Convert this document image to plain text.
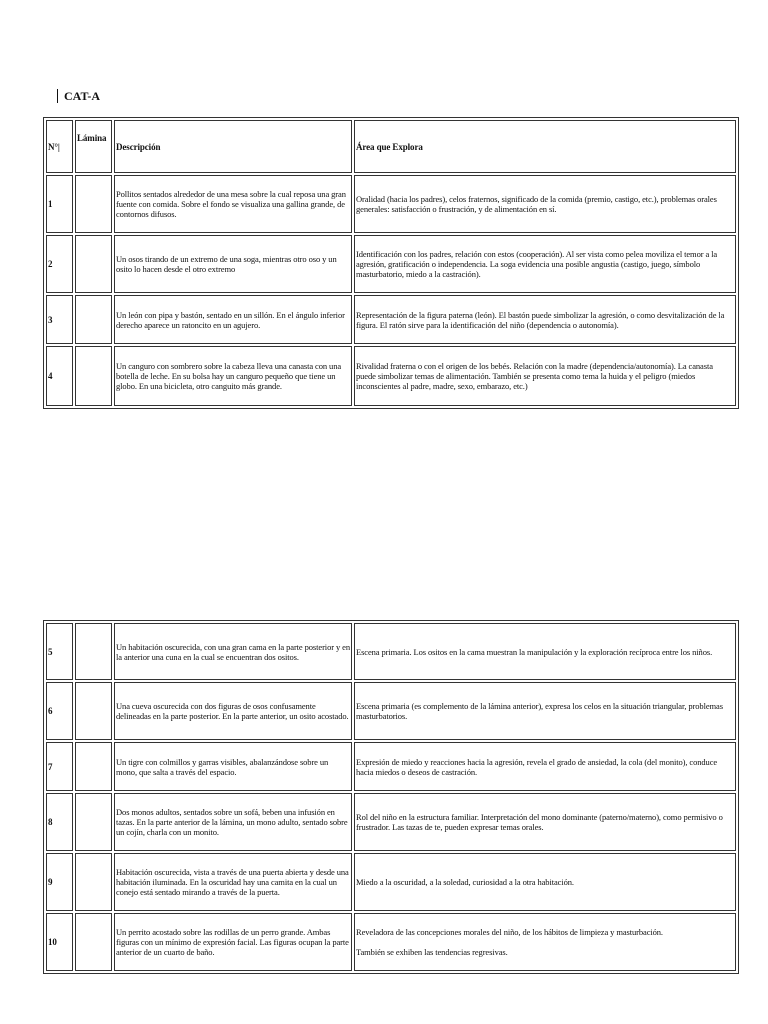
CAT-A
N°|	Lámina	Descripción	Área que Explora
1		Pollitos sentados alrededor de una mesa sobre la cual reposa una gran fuente con comida. Sobre el fondo se visualiza una gallina grande, de contornos difusos.	Oralidad (hacia los padres), celos fraternos, significado de la comida (premio, castigo, etc.), problemas orales generales: satisfacción o frustración, y de alimentación en sí.
2		Un osos tirando de un extremo de una soga, mientras otro oso y un osito lo hacen desde el otro extremo	Identificación con los padres, relación con estos (cooperación). Al ser vista como pelea moviliza el temor a la agresión, gratificación o independencia. La soga evidencia una posible angustia (castigo, juego, símbolo masturbatorio, miedo a la castración).
3		Un león con pipa y bastón, sentado en un sillón. En el ángulo inferior derecho aparece un ratoncito en un agujero.	Representación de la figura paterna (león). El bastón puede simbolizar la agresión, o como desvitalización de la figura. El ratón sirve para la identificación del niño (dependencia o autonomía).
4		Un canguro con sombrero sobre la cabeza lleva una canasta con una botella de leche. En su bolsa hay un canguro pequeño que tiene un globo. En una bicicleta, otro canguito más grande.	Rivalidad fraterna o con el origen de los bebés. Relación con la madre (dependencia/autonomía). La canasta puede simbolizar temas de alimentación. También se presenta como tema la huida y el peligro (miedos inconscientes al padre, madre, sexo, embarazo, etc.)
5		Un habitación oscurecida, con una gran cama en la parte posterior y en la anterior una cuna en la cual se encuentran dos ositos.	Escena primaria. Los ositos en la cama muestran la manipulación y la exploración recíproca entre los niños.
6		Una cueva oscurecida con dos figuras de osos confusamente delineadas en la parte posterior. En la parte anterior, un osito acostado.	Escena primaria (es complemento de la lámina anterior), expresa los celos en la situación triangular, problemas masturbatorios.
7		Un tigre con colmillos y garras visibles, abalanzándose sobre un mono, que salta a través del espacio.	Expresión de miedo y reacciones hacia la agresión, revela el grado de ansiedad, la cola (del monito), conduce hacia miedos o deseos de castración.
8		Dos monos adultos, sentados sobre un sofá, beben una infusión en tazas. En la parte anterior de la lámina, un mono adulto, sentado sobre un cojín, charla con un monito.	Rol del niño en la estructura familiar. Interpretación del mono dominante (paterno/materno), como permisivo o frustrador. Las tazas de te, pueden expresar temas orales.
9		Habitación oscurecida, vista a través de una puerta abierta y desde una habitación iluminada. En la oscuridad hay una camita en la cual un conejo está sentado mirando a través de la puerta.	Miedo a la oscuridad, a la soledad, curiosidad a la otra habitación.
10		Un perrito acostado sobre las rodillas de un perro grande. Ambas figuras con un mínimo de expresión facial. Las figuras ocupan la parte anterior de un cuarto de baño.	Reveladora de las concepciones morales del niño, de los hábitos de limpieza y masturbación.
También se exhiben las tendencias regresivas.
